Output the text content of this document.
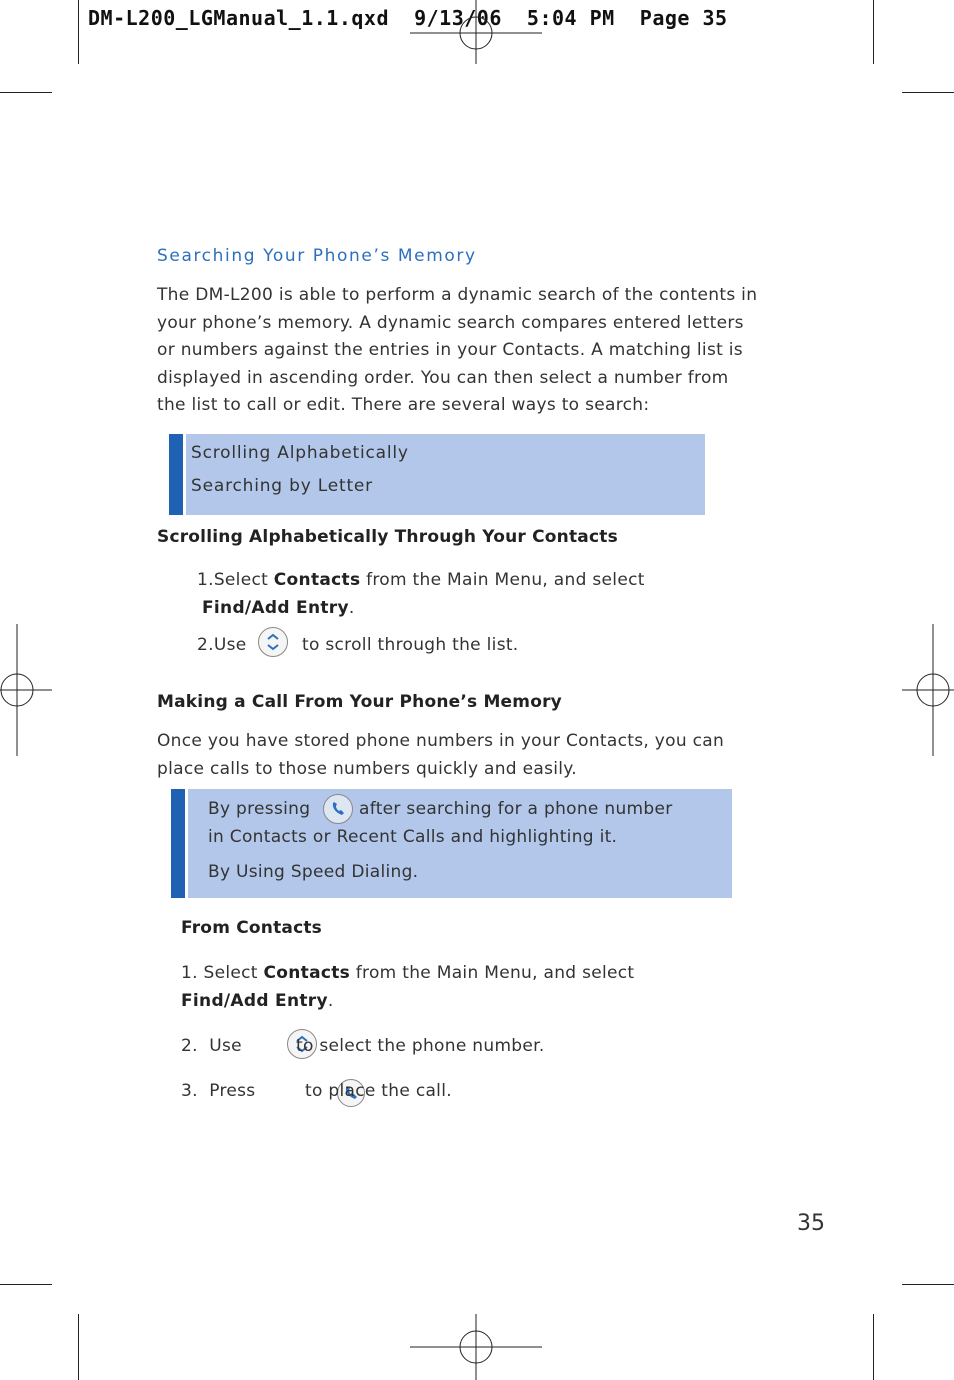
DM-L200_LGManual_1.1.qxd  9/13/06  5:04 PM  Page 35
Searching Your Phone’s Memory
The DM-L200 is able to perform a dynamic search of the contents in
your phone’s memory. A dynamic search compares entered letters
or numbers against the entries in your Contacts. A matching list is
displayed in ascending order. You can then select a number from
the list to call or edit. There are several ways to search:
Scrolling Alphabetically
Searching by Letter
Scrolling Alphabetically Through Your Contacts
1.Select Contacts from the Main Menu, and select
Find/Add Entry.
2.Use
	to scroll through the list.
Making a Call From Your Phone’s Memory
Once you have stored phone numbers in your Contacts, you can
place calls to those numbers quickly and easily.
By pressing	after searching for a phone number
in Contacts or Recent Calls and highlighting it.
By Using Speed Dialing.
From Contacts
1. Select Contacts from the Main Menu, and select
Find/Add Entry.
2.  Use
	to select the phone number.
3.  Press	to place the call.
35
